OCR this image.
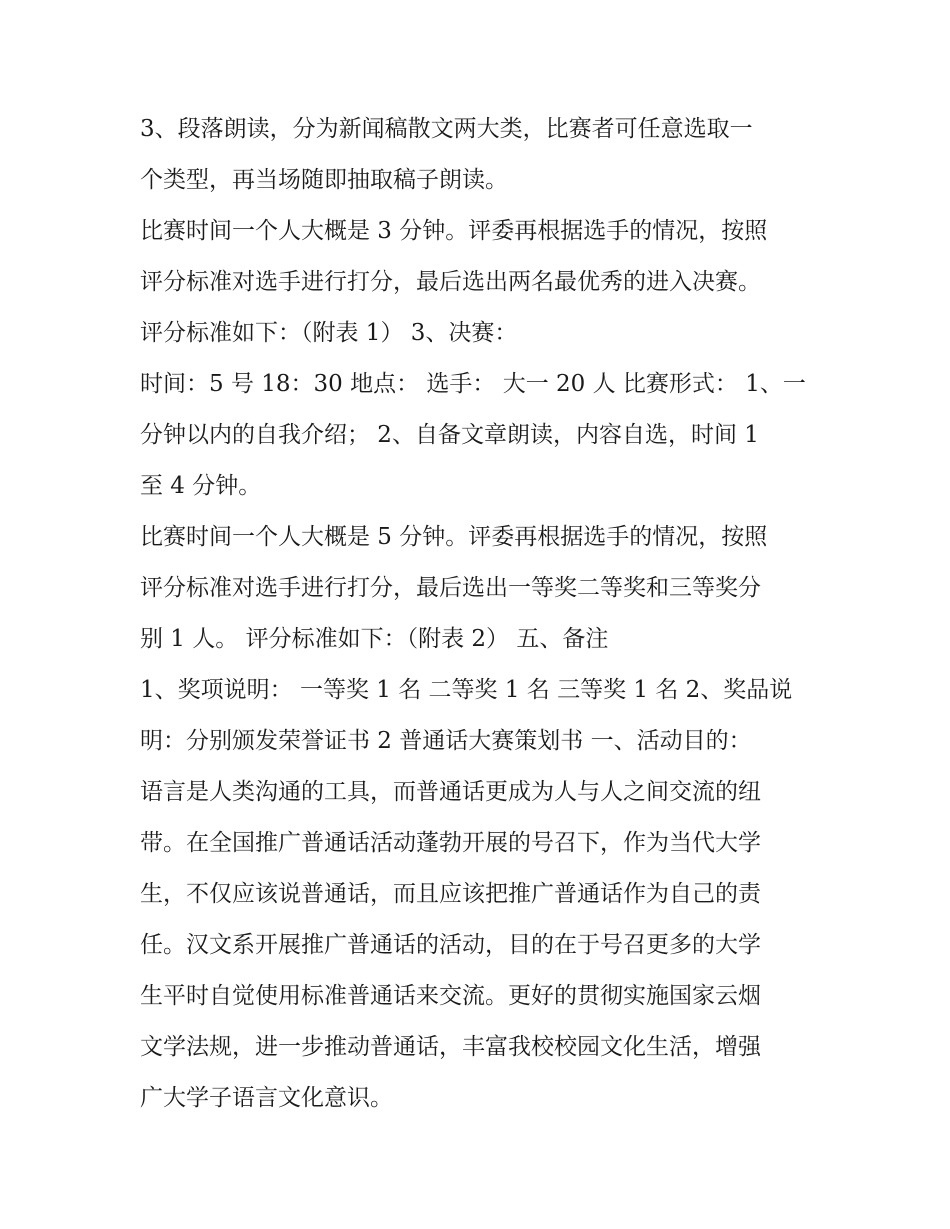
3、段落朗读，分为新闻稿散文两大类，比赛者可任意选取一
个类型，再当场随即抽取稿子朗读。
比赛时间一个人大概是 3 分钟。评委再根据选手的情况，按照
评分标准对选手进行打分，最后选出两名最优秀的进入决赛。
评分标准如下：（附表 1） 3、决赛：
时间：5 号 18：30 地点： 选手： 大一 20 人 比赛形式： 1、一
分钟以内的自我介绍； 2、自备文章朗读，内容自选，时间 1
至 4 分钟。
比赛时间一个人大概是 5 分钟。评委再根据选手的情况，按照
评分标准对选手进行打分，最后选出一等奖二等奖和三等奖分
别 1 人。 评分标准如下：（附表 2） 五、备注
1、奖项说明： 一等奖 1 名 二等奖 1 名 三等奖 1 名 2、奖品说
明：分别颁发荣誉证书 2 普通话大赛策划书 一、活动目的：
语言是人类沟通的工具，而普通话更成为人与人之间交流的纽
带。在全国推广普通话活动蓬勃开展的号召下，作为当代大学
生，不仅应该说普通话，而且应该把推广普通话作为自己的责
任。汉文系开展推广普通话的活动，目的在于号召更多的大学
生平时自觉使用标准普通话来交流。更好的贯彻实施国家云烟
文学法规，进一步推动普通话，丰富我校校园文化生活，增强
广大学子语言文化意识。
